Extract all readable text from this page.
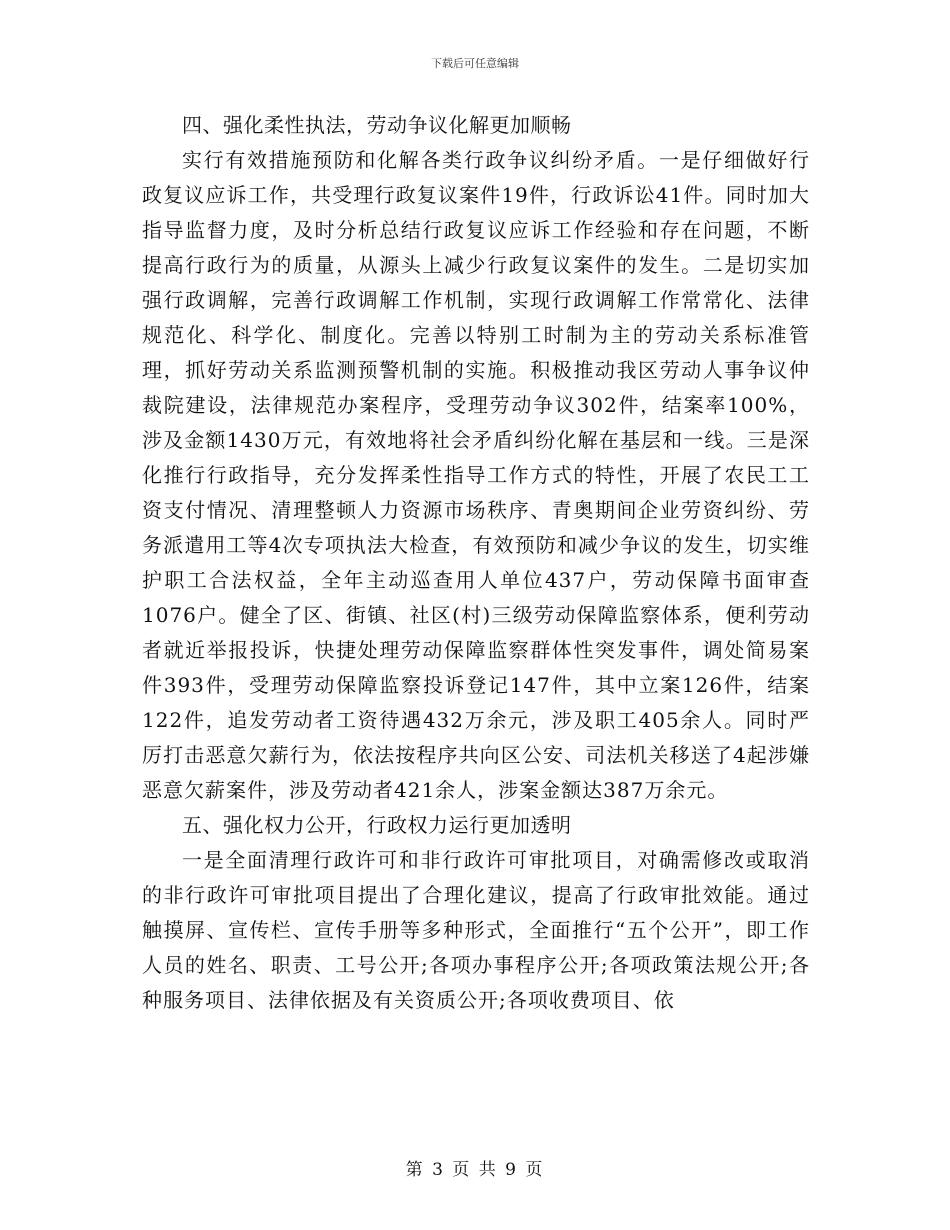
下载后可任意编辑

四、强化柔性执法，劳动争议化解更加顺畅

实行有效措施预防和化解各类行政争议纠纷矛盾。一是仔细做好行政复议应诉工作，共受理行政复议案件19件，行政诉讼41件。同时加大指导监督力度，及时分析总结行政复议应诉工作经验和存在问题，不断提高行政行为的质量，从源头上减少行政复议案件的发生。二是切实加强行政调解，完善行政调解工作机制，实现行政调解工作常常化、法律规范化、科学化、制度化。完善以特别工时制为主的劳动关系标准管理，抓好劳动关系监测预警机制的实施。积极推动我区劳动人事争议仲裁院建设，法律规范办案程序，受理劳动争议302件，结案率100%，涉及金额1430万元，有效地将社会矛盾纠纷化解在基层和一线。三是深化推行行政指导，充分发挥柔性指导工作方式的特性，开展了农民工工资支付情况、清理整顿人力资源市场秩序、青奥期间企业劳资纠纷、劳务派遣用工等4次专项执法大检查，有效预防和减少争议的发生，切实维护职工合法权益，全年主动巡查用人单位437户，劳动保障书面审查1076户。健全了区、街镇、社区(村)三级劳动保障监察体系，便利劳动者就近举报投诉，快捷处理劳动保障监察群体性突发事件，调处简易案件393件，受理劳动保障监察投诉登记147件，其中立案126件，结案122件，追发劳动者工资待遇432万余元，涉及职工405余人。同时严厉打击恶意欠薪行为，依法按程序共向区公安、司法机关移送了4起涉嫌恶意欠薪案件，涉及劳动者421余人，涉案金额达387万余元。

五、强化权力公开，行政权力运行更加透明

一是全面清理行政许可和非行政许可审批项目，对确需修改或取消的非行政许可审批项目提出了合理化建议，提高了行政审批效能。通过触摸屏、宣传栏、宣传手册等多种形式，全面推行“五个公开”，即工作人员的姓名、职责、工号公开;各项办事程序公开;各项政策法规公开;各种服务项目、法律依据及有关资质公开;各项收费项目、依

第 3 页 共 9 页
